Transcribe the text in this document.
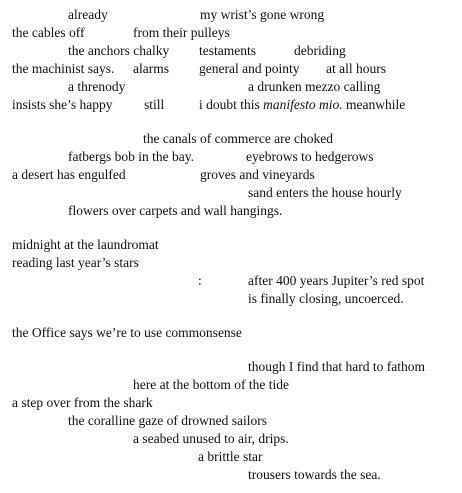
already	my wrist’s gone wrong
the cables off	from their pulleys
the anchors chalky testaments	debriding
the machinist says. alarms general and pointy at all hours
a threnody	a drunken mezzo calling
insists she’s happy still	i doubt this manifesto mio. meanwhile
the canals of commerce are choked
fatbergs bob in the bay.	eyebrows to hedgerows
a desert has engulfed	groves and vineyards
sand enters the house hourly
flowers over carpets and wall hangings.
midnight at the laundromat
reading last year’s stars
:	after 400 years Jupiter’s red spot
is finally closing, uncoerced.
the Office says we’re to use commonsense
though I find that hard to fathom
here at the bottom of the tide
a step over from the shark
the coralline gaze of drowned sailors
a seabed unused to air, drips.
a brittle star
trousers towards the sea.
